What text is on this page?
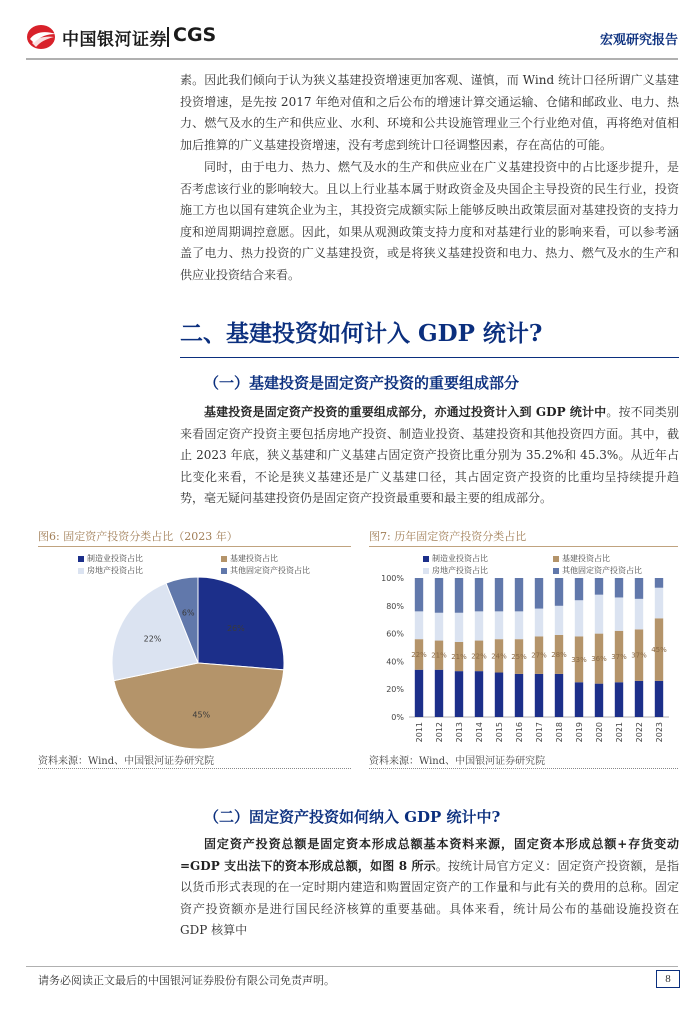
中国银河证券 CGS	宏观研究报告

素。因此我们倾向于认为狭义基建投资增速更加客观、谨慎，而 Wind 统计口径所谓广义基建投资增速，是先按 2017 年绝对值和之后公布的增速计算交通运输、仓储和邮政业、电力、热力、燃气及水的生产和供应业、水利、环境和公共设施管理业三个行业绝对值，再将绝对值相加后推算的广义基建投资增速，没有考虑到统计口径调整因素，存在高估的可能。

同时，由于电力、热力、燃气及水的生产和供应业在广义基建投资中的占比逐步提升，是否考虑该行业的影响较大。且以上行业基本属于财政资金及央国企主导投资的民生行业，投资施工方也以国有建筑企业为主，其投资完成额实际上能够反映出政策层面对基建投资的支持力度和逆周期调控意愿。因此，如果从观测政策支持力度和对基建行业的影响来看，可以参考涵盖了电力、热力投资的广义基建投资，或是将狭义基建投资和电力、热力、燃气及水的生产和供应业投资结合来看。

二、基建投资如何计入 GDP 统计?
（一）基建投资是固定资产投资的重要组成部分

基建投资是固定资产投资的重要组成部分，亦通过投资计入到 GDP 统计中。按不同类别来看固定资产投资主要包括房地产投资、制造业投资、基建投资和其他投资四方面。其中，截止 2023 年底，狭义基建和广义基建占固定资产投资比重分别为 35.2%和 45.3%。从近年占比变化来看，不论是狭义基建还是广义基建口径，其占固定资产投资的比重均呈持续提升趋势，毫无疑问基建投资仍是固定资产投资最重要和最主要的组成部分。

图6: 固定资产投资分类占比（2023 年）
制造业投资占比	基建投资占比
房地产投资占比	其他固定资产投资占比
26%
45%
22%
6%
资料来源：Wind、中国银河证券研究院
图7: 历年固定资产投资分类占比
制造业投资占比	基建投资占比
房地产投资占比	其他固定资产投资占比
0%
20%
40%
60%
80%
100%
22%
2011
21%
2012
21%
2013
22%
2014
24%
2015
25%
2016
27%
2017
28%
2018
33%
2019
36%
2020
37%
2021
37%
2022
45%
2023
资料来源：Wind、中国银河证券研究院
（二）固定资产投资如何纳入 GDP 统计中?

固定资产投资总额是固定资本形成总额基本资料来源，固定资本形成总额+存货变动=GDP 支出法下的资本形成总额，如图 8 所示。按统计局官方定义：固定资产投资额，是指以货币形式表现的在一定时期内建造和购置固定资产的工作量和与此有关的费用的总称。固定资产投资额亦是进行国民经济核算的重要基础。具体来看，统计局公布的基础设施投资在 GDP 核算中

请务必阅读正文最后的中国银河证券股份有限公司免责声明。	8
